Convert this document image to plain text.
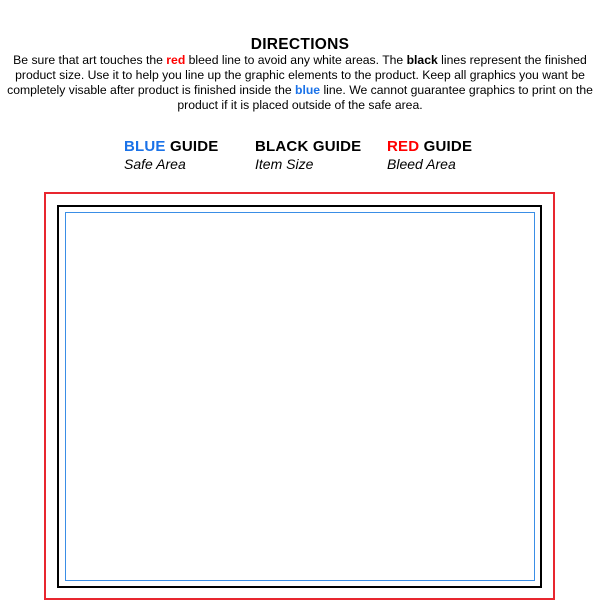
DIRECTIONS
Be sure that art touches the red bleed line to avoid any white areas. The black lines represent the finished product size. Use it to help you line up the graphic elements to the product. Keep all graphics you want be completely visable after product is finished inside the blue line. We cannot guarantee graphics to print on the product if it is placed outside of the safe area.
BLUE GUIDE
Safe Area
BLACK GUIDE
Item Size
RED GUIDE
Bleed Area
